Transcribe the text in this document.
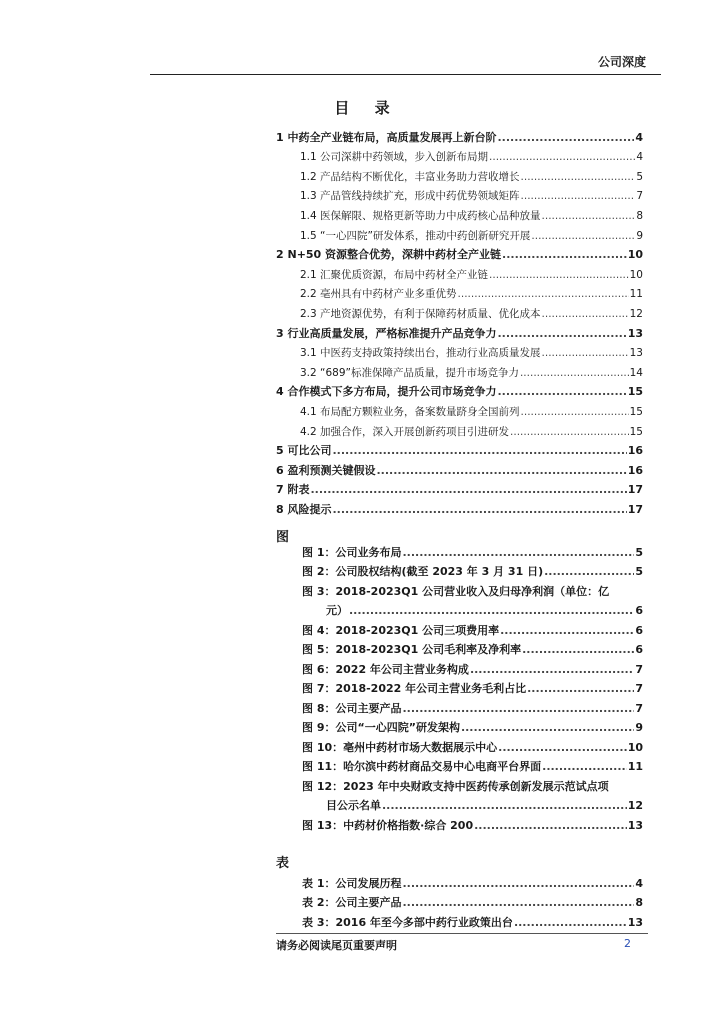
公司深度
目 录
1 中药全产业链布局，高质量发展再上新台阶 .....	4
1.1 公司深耕中药领域，步入创新布局期 .....	4
1.2 产品结构不断优化，丰富业务助力营收增长 .....	5
1.3 产品管线持续扩充，形成中药优势领域矩阵 .....	7
1.4 医保解限、规格更新等助力中成药核心品种放量 .....	8
1.5 “一心四院”研发体系，推动中药创新研究开展 .....	9
2 N+50 资源整合优势，深耕中药材全产业链 .....	10
2.1 汇聚优质资源，布局中药材全产业链 .....	10
2.2 亳州具有中药材产业多重优势 .....	11
2.3 产地资源优势，有利于保障药材质量、优化成本 .....	12
3 行业高质量发展，严格标准提升产品竞争力 .....	13
3.1 中医药支持政策持续出台，推动行业高质量发展 .....	13
3.2 “689”标准保障产品质量，提升市场竞争力 .....	14
4 合作模式下多方布局，提升公司市场竞争力 .....	15
4.1 布局配方颗粒业务，备案数量跻身全国前列 .....	15
4.2 加强合作，深入开展创新药项目引进研发 .....	15
5 可比公司 .....	16
6 盈利预测关键假设 .....	16
7 附表 .....	17
8 风险提示 .....	17
图
图 1：公司业务布局 .....	5
图 2：公司股权结构(截至 2023 年 3 月 31 日) .....	5
图 3：2018-2023Q1 公司营业收入及归母净利润（单位：亿
元） .....	6
图 4：2018-2023Q1 公司三项费用率 .....	6
图 5：2018-2023Q1 公司毛利率及净利率 .....	6
图 6：2022 年公司主营业务构成 .....	7
图 7：2018-2022 年公司主营业务毛利占比 .....	7
图 8：公司主要产品 .....	7
图 9：公司“一心四院”研发架构 .....	9
图 10：亳州中药材市场大数据展示中心 .....	10
图 11：哈尔滨中药材商品交易中心电商平台界面 .....	11
图 12：2023 年中央财政支持中医药传承创新发展示范试点项
目公示名单 .....	12
图 13：中药材价格指数·综合 200 .....	13
表
表 1：公司发展历程 .....	4
表 2：公司主要产品 .....	8
表 3：2016 年至今多部中药行业政策出台 .....	13
请务必阅读尾页重要声明	2
